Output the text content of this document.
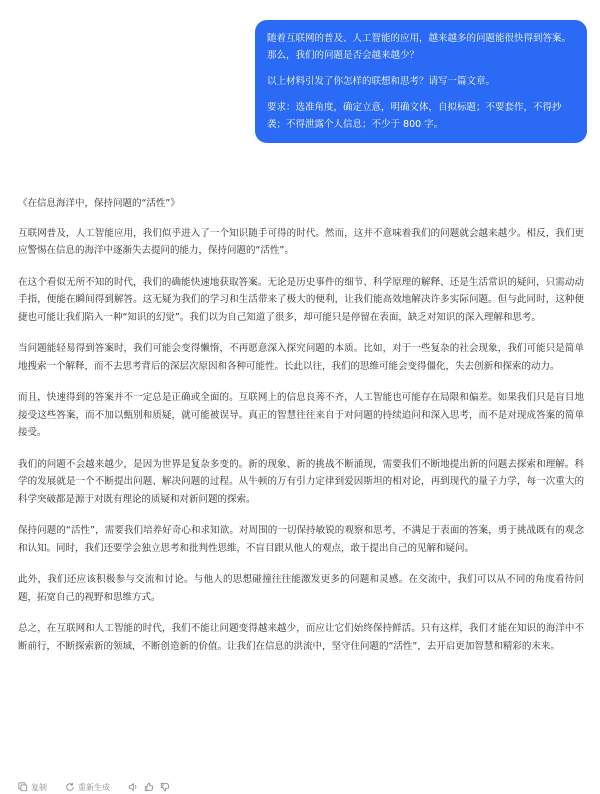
随着互联网的普及、人工智能的应用，越来越多的问题能很快得到答案。那么，我们的问题是否会越来越少？

以上材料引发了你怎样的联想和思考？请写一篇文章。

要求：选准角度，确定立意，明确文体，自拟标题；不要套作，不得抄袭；不得泄露个人信息；不少于 800 字。

《在信息海洋中，保持问题的“活性”》
互联网普及，人工智能应用，我们似乎进入了一个知识随手可得的时代。然而，这并不意味着我们的问题就会越来越少。相反，我们更应警惕在信息的海洋中逐渐失去提问的能力，保持问题的“活性”。
在这个看似无所不知的时代，我们的确能快速地获取答案。无论是历史事件的细节、科学原理的解释、还是生活常识的疑问，只需动动手指，便能在瞬间得到解答。这无疑为我们的学习和生活带来了极大的便利，让我们能高效地解决许多实际问题。但与此同时，这种便捷也可能让我们陷入一种“知识的幻觉”。我们以为自己知道了很多，却可能只是停留在表面，缺乏对知识的深入理解和思考。
当问题能轻易得到答案时，我们可能会变得懒惰，不再愿意深入探究问题的本质。比如，对于一些复杂的社会现象，我们可能只是简单地搜索一个解释，而不去思考背后的深层次原因和各种可能性。长此以往，我们的思维可能会变得僵化，失去创新和探索的动力。
而且，快速得到的答案并不一定总是正确或全面的。互联网上的信息良莠不齐，人工智能也可能存在局限和偏差。如果我们只是盲目地接受这些答案，而不加以甄别和质疑，就可能被误导。真正的智慧往往来自于对问题的持续追问和深入思考，而不是对现成答案的简单接受。
我们的问题不会越来越少，是因为世界是复杂多变的。新的现象、新的挑战不断涌现，需要我们不断地提出新的问题去探索和理解。科学的发展就是一个不断提出问题、解决问题的过程。从牛顿的万有引力定律到爱因斯坦的相对论，再到现代的量子力学，每一次重大的科学突破都是源于对既有理论的质疑和对新问题的探索。
保持问题的“活性”，需要我们培养好奇心和求知欲。对周围的一切保持敏锐的观察和思考，不满足于表面的答案，勇于挑战既有的观念和认知。同时，我们还要学会独立思考和批判性思维，不盲目跟从他人的观点，敢于提出自己的见解和疑问。
此外，我们还应该积极参与交流和讨论。与他人的思想碰撞往往能激发更多的问题和灵感。在交流中，我们可以从不同的角度看待问题，拓宽自己的视野和思维方式。
总之，在互联网和人工智能的时代，我们不能让问题变得越来越少，而应让它们始终保持鲜活。只有这样，我们才能在知识的海洋中不断前行，不断探索新的领域，不断创造新的价值。让我们在信息的洪流中，坚守住问题的“活性”，去开启更加智慧和精彩的未来。
复制	重新生成
